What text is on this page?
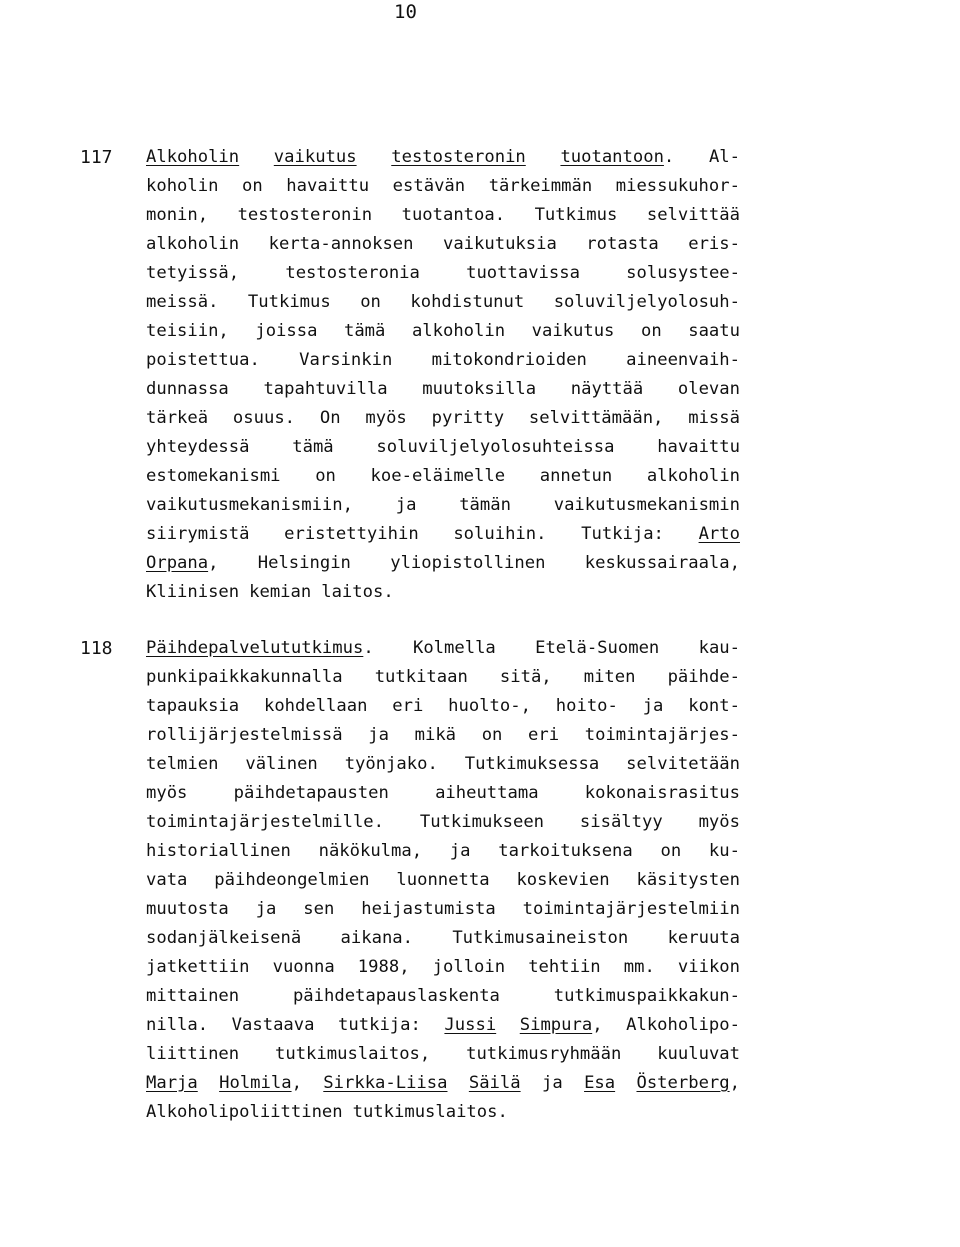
10
117 Alkoholin vaikutus testosteronin tuotantoon. Al-
koholin on havaittu estävän tärkeimmän miessukuhor-
monin, testosteronin tuotantoa. Tutkimus selvittää
alkoholin kerta-annoksen vaikutuksia rotasta eris-
tetyissä,	testosteronia	tuottavissa	solusystee-
meissä. Tutkimus on kohdistunut soluviljelyolosuh-
teisiin, joissa tämä alkoholin vaikutus on saatu
poistettua. Varsinkin mitokondrioiden aineenvaih-
dunnassa tapahtuvilla muutoksilla näyttää olevan
tärkeä osuus. On myös pyritty selvittämään, missä
yhteydessä tämä soluviljelyolosuhteissa havaittu
estomekanismi on koe-eläimelle annetun alkoholin
vaikutusmekanismiin, ja tämän vaikutusmekanismin
siirymistä eristettyihin soluihin. Tutkija: Arto
Orpana, Helsingin yliopistollinen keskussairaala,
Kliinisen kemian laitos.
118 Päihdepalvelututkimus. Kolmella Etelä-Suomen kau-
punkipaikkakunnalla tutkitaan sitä, miten päihde-
tapauksia kohdellaan eri huolto-, hoito- ja kont-
rollijärjestelmissä ja mikä on eri toimintajärjes-
telmien välinen työnjako. Tutkimuksessa selvitetään
myös	päihdetapausten	aiheuttama	kokonaisrasitus
toimintajärjestelmille. Tutkimukseen sisältyy myös
historiallinen näkökulma, ja tarkoituksena on ku-
vata päihdeongelmien luonnetta koskevien käsitysten
muutosta ja sen heijastumista toimintajärjestelmiin
sodanjälkeisenä aikana. Tutkimusaineiston keruuta
jatkettiin vuonna 1988, jolloin tehtiin mm. viikon
mittainen	päihdetapauslaskenta	tutkimuspaikkakun-
nilla. Vastaava tutkija: Jussi Simpura, Alkoholipo-
liittinen tutkimuslaitos, tutkimusryhmään kuuluvat
Marja Holmila, Sirkka-Liisa Säilä ja Esa Österberg,
Alkoholipoliittinen tutkimuslaitos.
